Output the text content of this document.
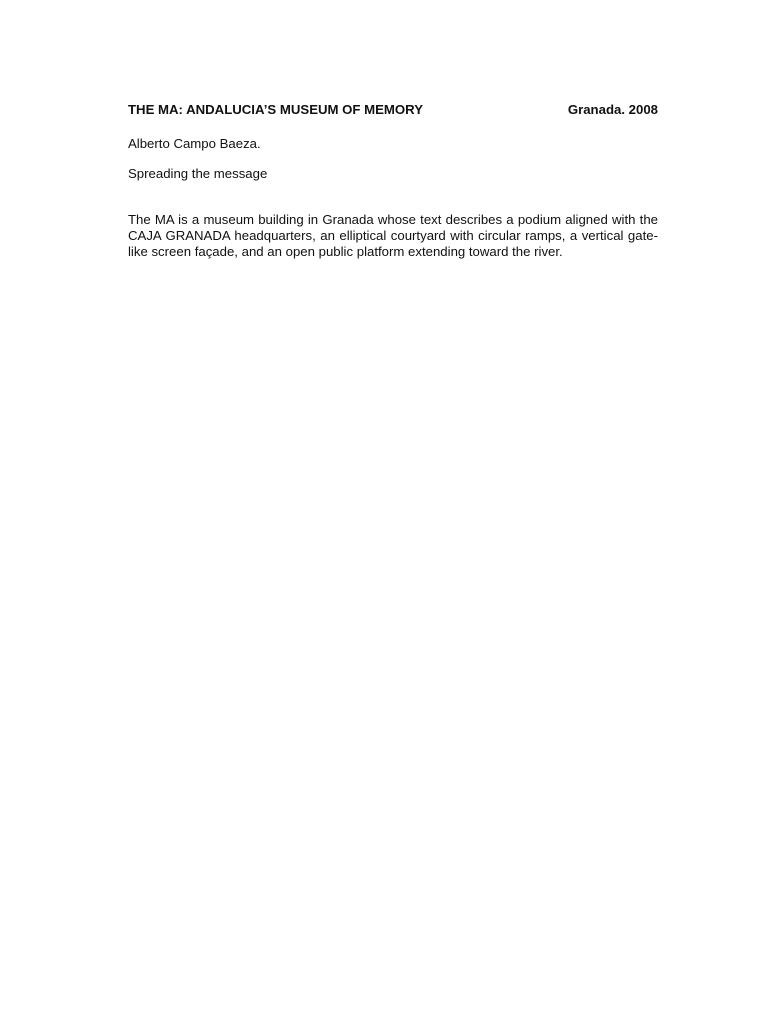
THE MA: ANDALUCIA’S MUSEUM OF MEMORY	Granada. 2008
Alberto Campo Baeza.
Spreading the message

The MA is a museum building in Granada whose text describes a podium aligned with the CAJA GRANADA headquarters, an elliptical courtyard with circular ramps, a vertical gate-like screen façade, and an open public platform extending toward the river.
